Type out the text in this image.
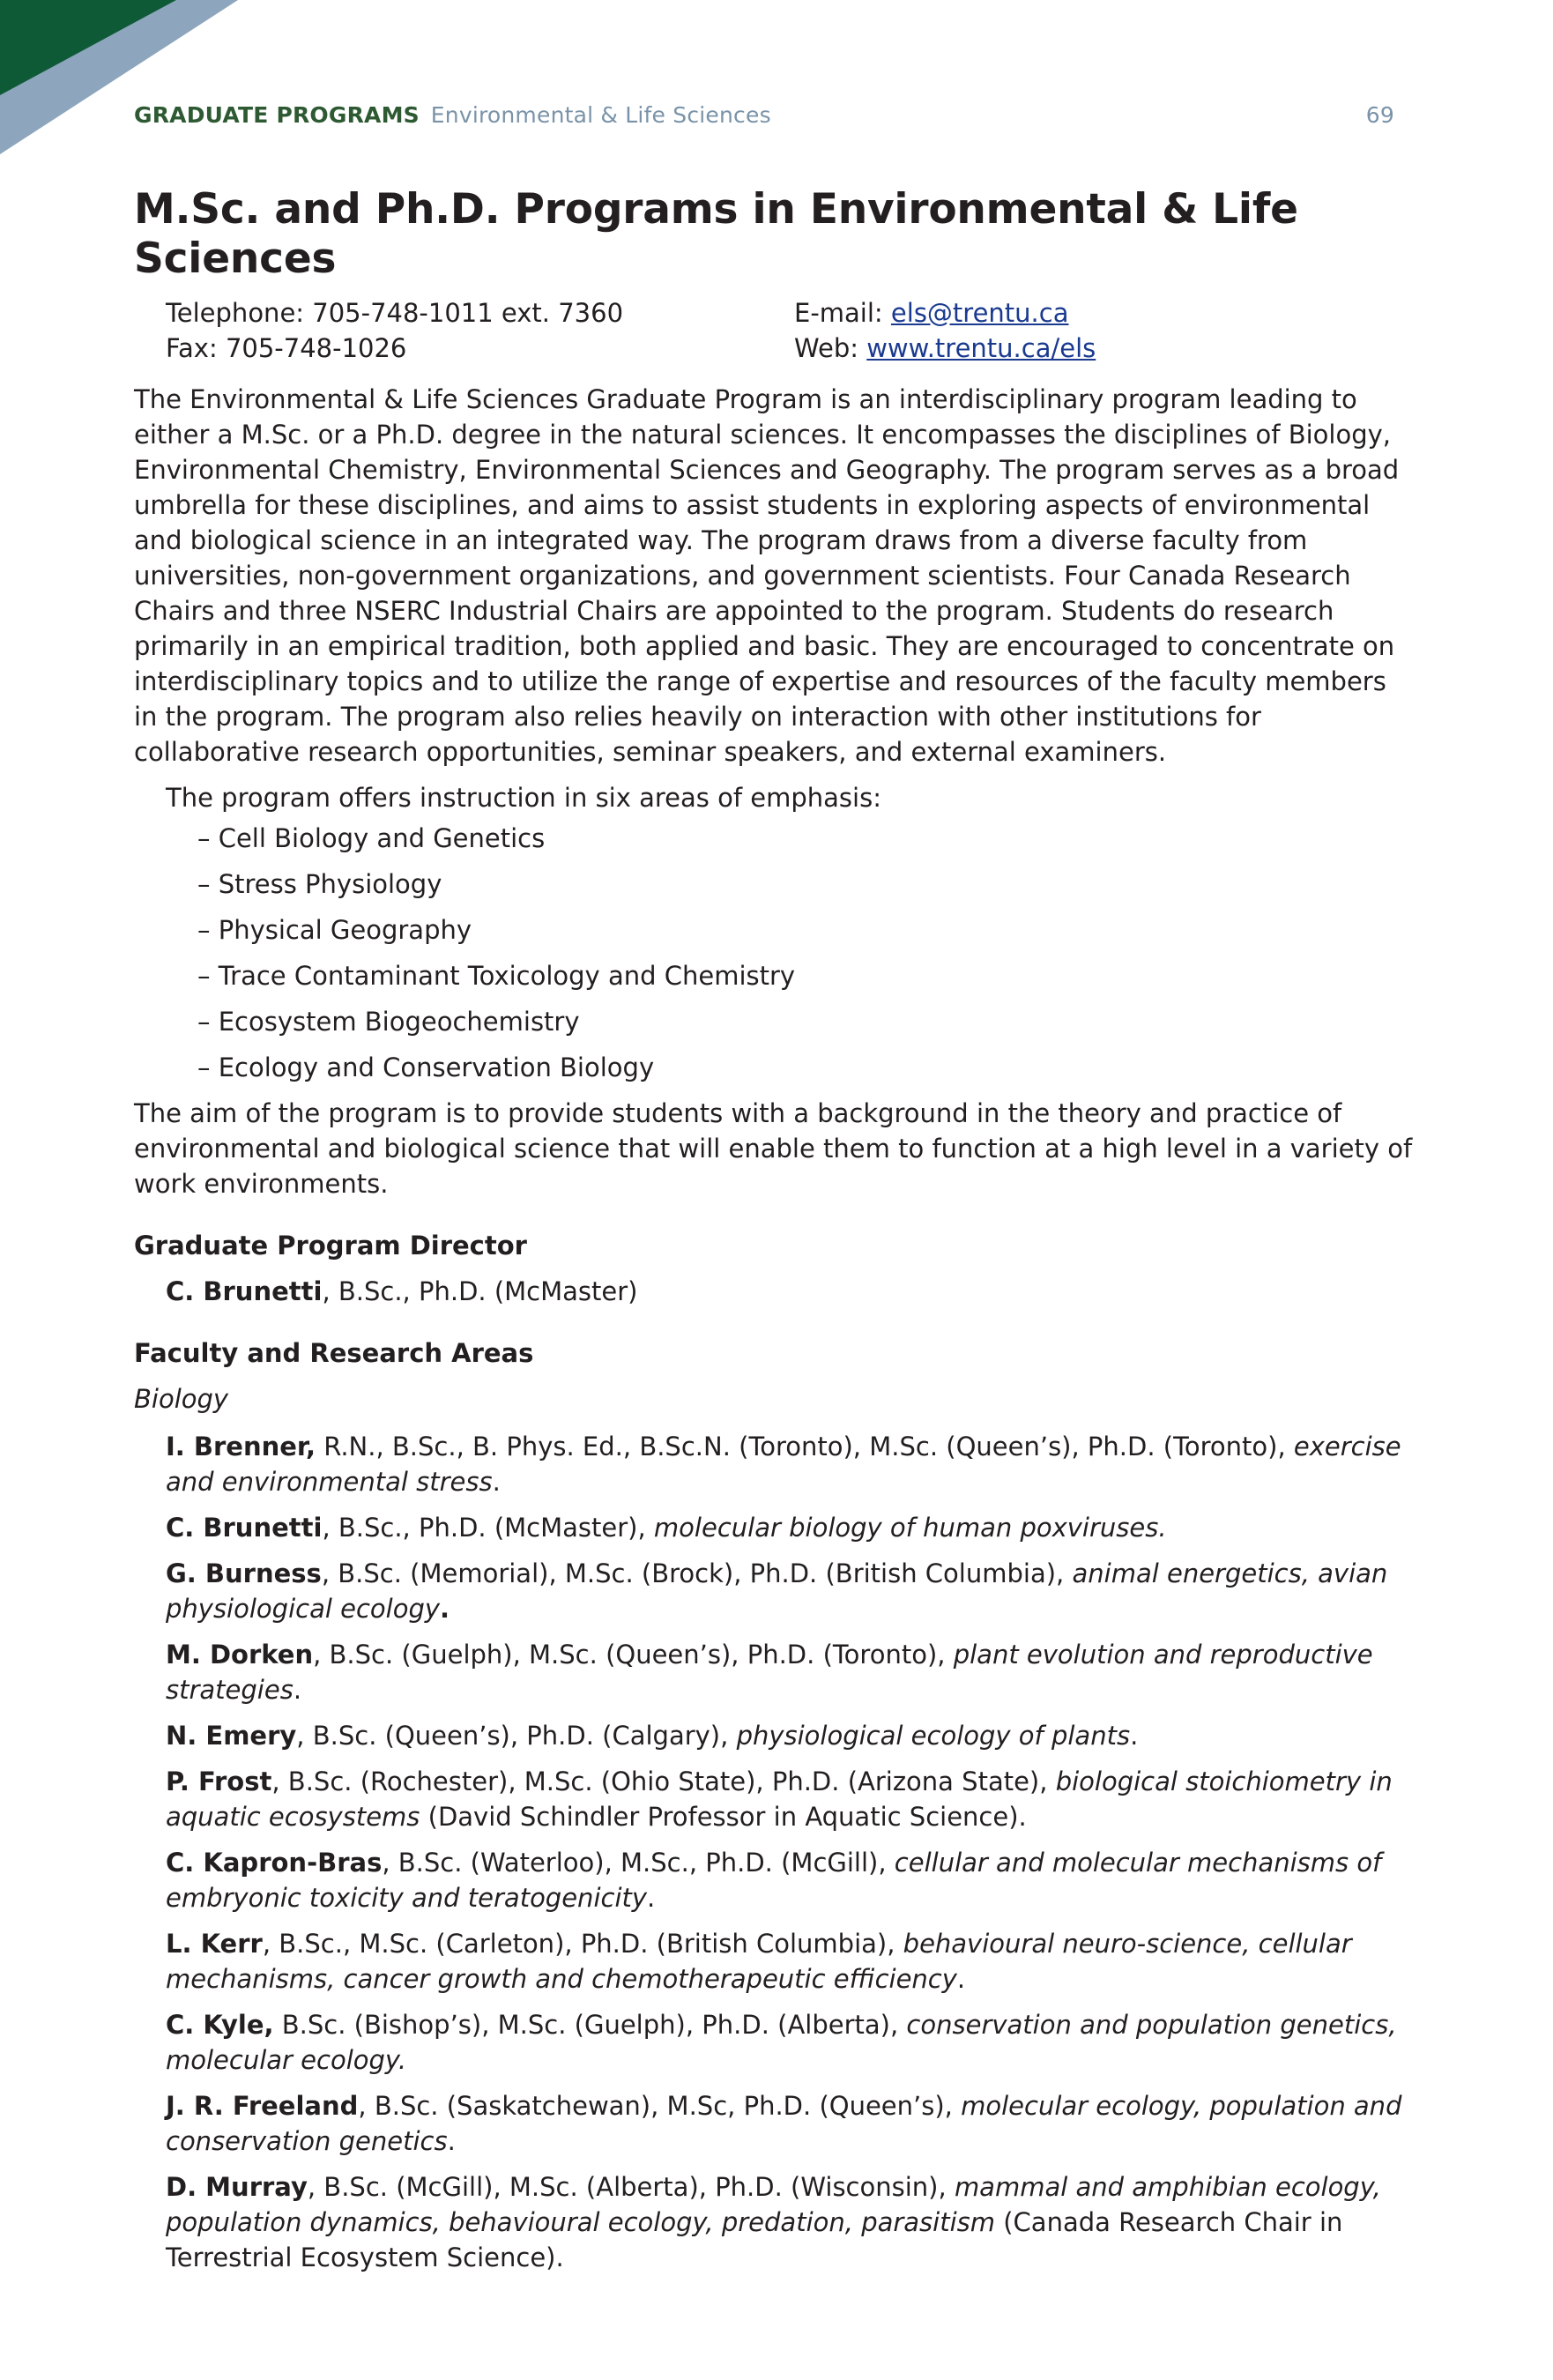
GRADUATE PROGRAMS Environmental & Life Sciences	69
M.Sc. and Ph.D. Programs in Environmental & Life Sciences
Telephone: 705-748-1011 ext. 7360	E-mail: els@trentu.ca
Fax: 705-748-1026	Web: www.trentu.ca/els

The Environmental & Life Sciences Graduate Program is an interdisciplinary program leading to either a M.Sc. or a Ph.D. degree in the natural sciences. It encompasses the disciplines of Biology, Environmental Chemistry, Environmental Sciences and Geography. The program serves as a broad umbrella for these disciplines, and aims to assist students in exploring aspects of environmental and biological science in an integrated way. The program draws from a diverse faculty from universities, non-government organizations, and government scientists. Four Canada Research Chairs and three NSERC Industrial Chairs are appointed to the program. Students do research primarily in an empirical tradition, both applied and basic. They are encouraged to concentrate on interdisciplinary topics and to utilize the range of expertise and resources of the faculty members in the program. The program also relies heavily on interaction with other institutions for collaborative research opportunities, seminar speakers, and external examiners.

The program offers instruction in six areas of emphasis:

– Cell Biology and Genetics
– Stress Physiology
– Physical Geography
– Trace Contaminant Toxicology and Chemistry
– Ecosystem Biogeochemistry
– Ecology and Conservation Biology

The aim of the program is to provide students with a background in the theory and practice of environmental and biological science that will enable them to function at a high level in a variety of work environments.

Graduate Program Director

C. Brunetti, B.Sc., Ph.D. (McMaster)

Faculty and Research Areas

Biology

I. Brenner, R.N., B.Sc., B. Phys. Ed., B.Sc.N. (Toronto), M.Sc. (Queen’s), Ph.D. (Toronto), exercise and environmental stress.
C. Brunetti, B.Sc., Ph.D. (McMaster), molecular biology of human poxviruses.
G. Burness, B.Sc. (Memorial), M.Sc. (Brock), Ph.D. (British Columbia), animal energetics, avian physiological ecology.
M. Dorken, B.Sc. (Guelph), M.Sc. (Queen’s), Ph.D. (Toronto), plant evolution and reproductive strategies.
N. Emery, B.Sc. (Queen’s), Ph.D. (Calgary), physiological ecology of plants.
P. Frost, B.Sc. (Rochester), M.Sc. (Ohio State), Ph.D. (Arizona State), biological stoichiometry in aquatic ecosystems (David Schindler Professor in Aquatic Science).
C. Kapron-Bras, B.Sc. (Waterloo), M.Sc., Ph.D. (McGill), cellular and molecular mechanisms of embryonic toxicity and teratogenicity.
L. Kerr, B.Sc., M.Sc. (Carleton), Ph.D. (British Columbia), behavioural neuro-science, cellular mechanisms, cancer growth and chemotherapeutic efficiency.
C. Kyle, B.Sc. (Bishop’s), M.Sc. (Guelph), Ph.D. (Alberta), conservation and population genetics, molecular ecology.
J. R. Freeland, B.Sc. (Saskatchewan), M.Sc, Ph.D. (Queen’s), molecular ecology, population and conservation genetics.
D. Murray, B.Sc. (McGill), M.Sc. (Alberta), Ph.D. (Wisconsin), mammal and amphibian ecology, population dynamics, behavioural ecology, predation, parasitism (Canada Research Chair in Terrestrial Ecosystem Science).
